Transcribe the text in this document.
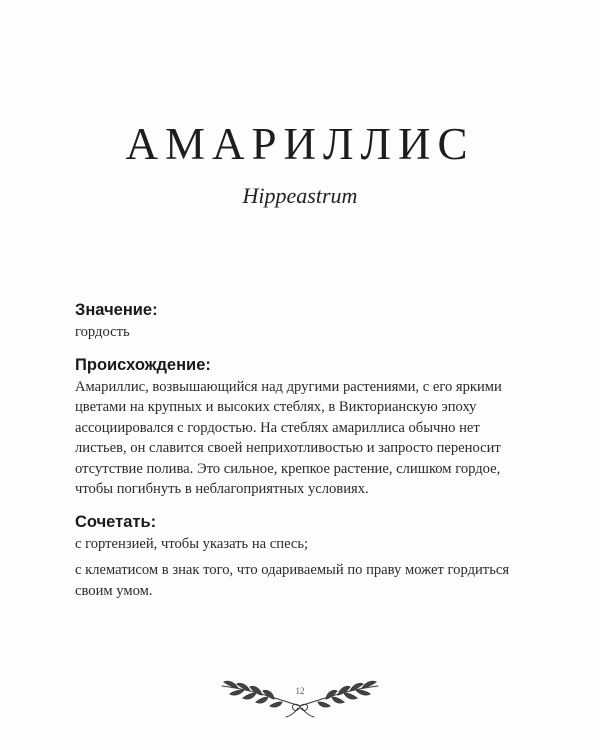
АМАРИЛЛИС
Hippeastrum

Значение:

гордость

Происхождение:

Амариллис, возвышающийся над другими растениями, с его яркими цветами на крупных и высоких стеблях, в Викторианскую эпоху ассоциировался с гордостью. На стеблях амариллиса обычно нет листьев, он славится своей неприхотливостью и запросто переносит отсутствие полива. Это сильное, крепкое растение, слишком гордое, чтобы погибнуть в неблагоприятных условиях.

Сочетать:

с гортензией, чтобы указать на спесь;

с клематисом в знак того, что одариваемый по праву может гордиться своим умом.

12
